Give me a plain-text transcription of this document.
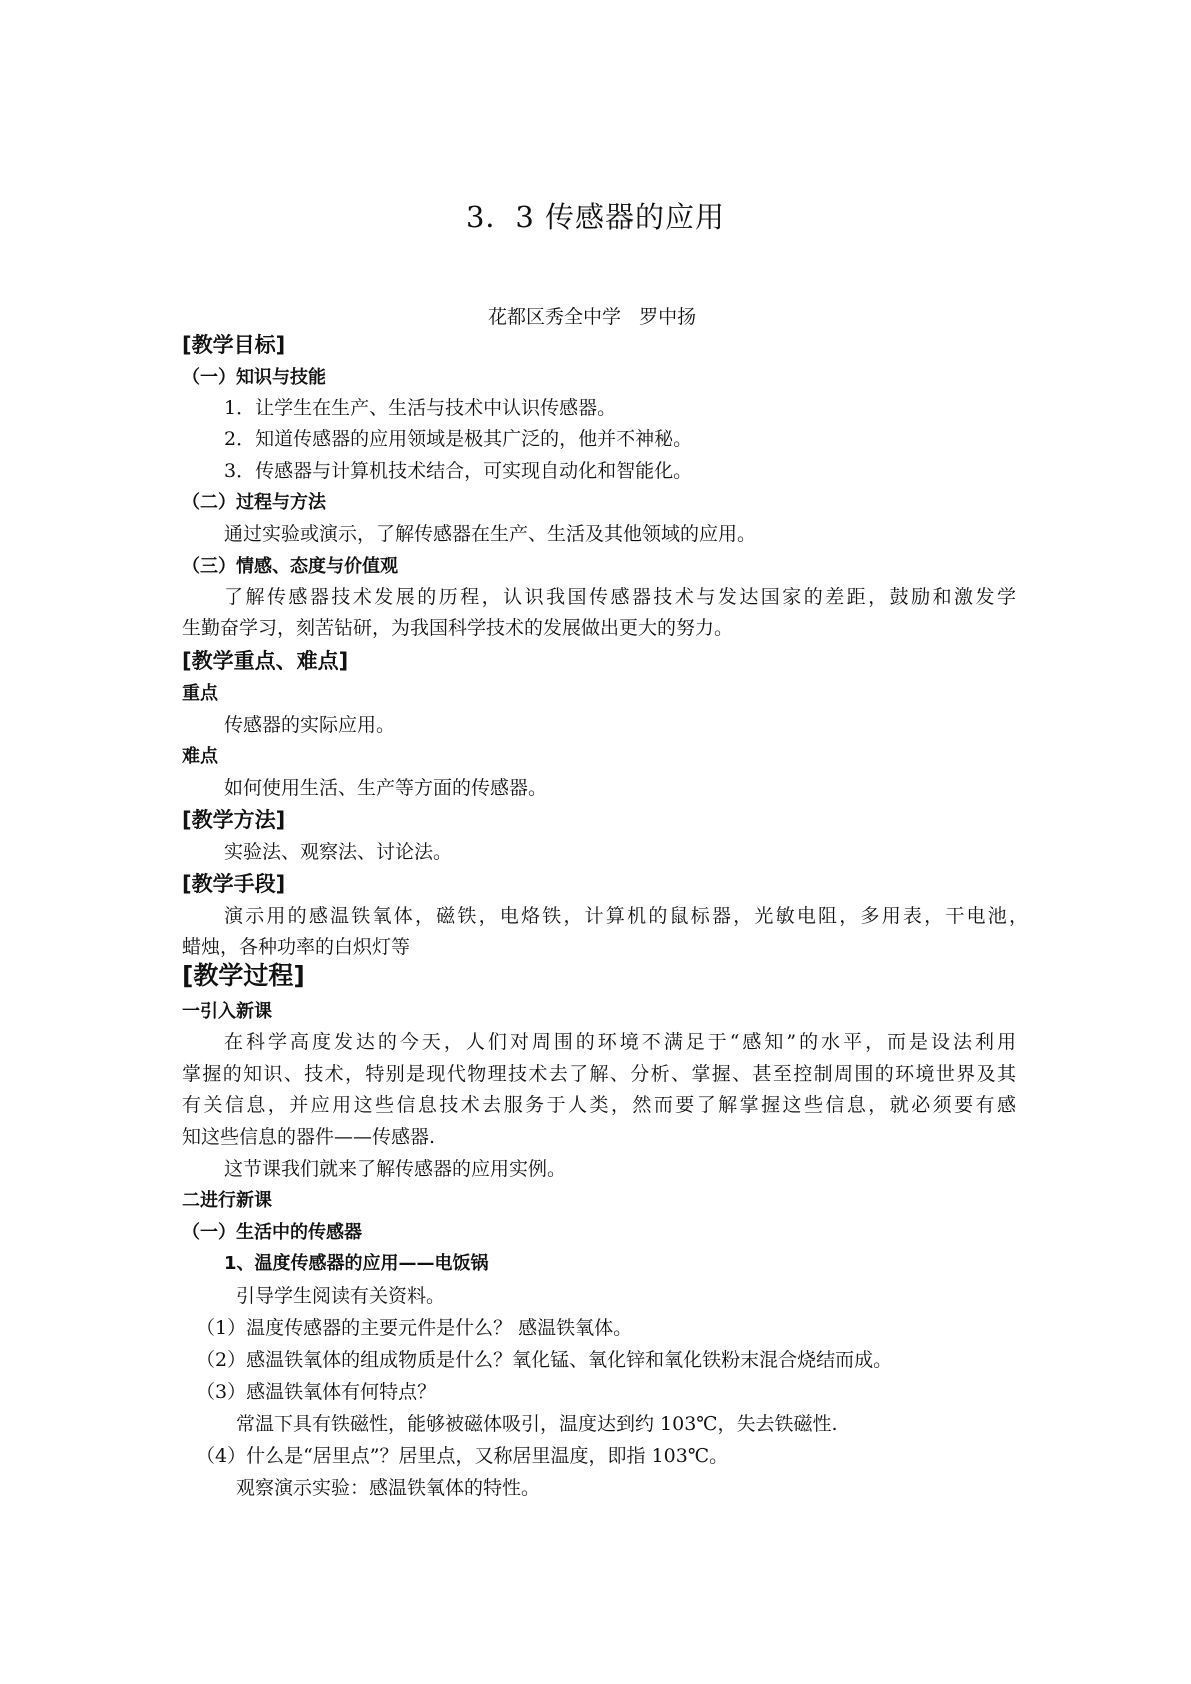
3．3 传感器的应用
花都区秀全中学   罗中扬
[教学目标]
（一）知识与技能
1．让学生在生产、生活与技术中认识传感器。
2．知道传感器的应用领域是极其广泛的，他并不神秘。
3．传感器与计算机技术结合，可实现自动化和智能化。
（二）过程与方法
通过实验或演示，了解传感器在生产、生活及其他领域的应用。
（三）情感、态度与价值观
了解传感器技术发展的历程，认识我国传感器技术与发达国家的差距，鼓励和激发学
生勤奋学习，刻苦钻研，为我国科学技术的发展做出更大的努力。
[教学重点、难点]
重点
传感器的实际应用。
难点
如何使用生活、生产等方面的传感器。
[教学方法]
实验法、观察法、讨论法。
[教学手段]
演示用的感温铁氧体，磁铁，电烙铁，计算机的鼠标器，光敏电阻，多用表，干电池，
蜡烛，各种功率的白炽灯等
[教学过程]
一引入新课
在科学高度发达的今天，人们对周围的环境不满足于“感知”的水平，而是设法利用
掌握的知识、技术，特别是现代物理技术去了解、分析、掌握、甚至控制周围的环境世界及其
有关信息，并应用这些信息技术去服务于人类，然而要了解掌握这些信息，就必须要有感
知这些信息的器件——传感器.
这节课我们就来了解传感器的应用实例。
二进行新课
（一）生活中的传感器
1、温度传感器的应用——电饭锅
引导学生阅读有关资料。
（1）温度传感器的主要元件是什么？ 感温铁氧体。
（2）感温铁氧体的组成物质是什么？氧化锰、氧化锌和氧化铁粉末混合烧结而成。
（3）感温铁氧体有何特点？
常温下具有铁磁性，能够被磁体吸引，温度达到约 103℃，失去铁磁性.
（4）什么是“居里点”？居里点，又称居里温度，即指 103℃。
观察演示实验：感温铁氧体的特性。
